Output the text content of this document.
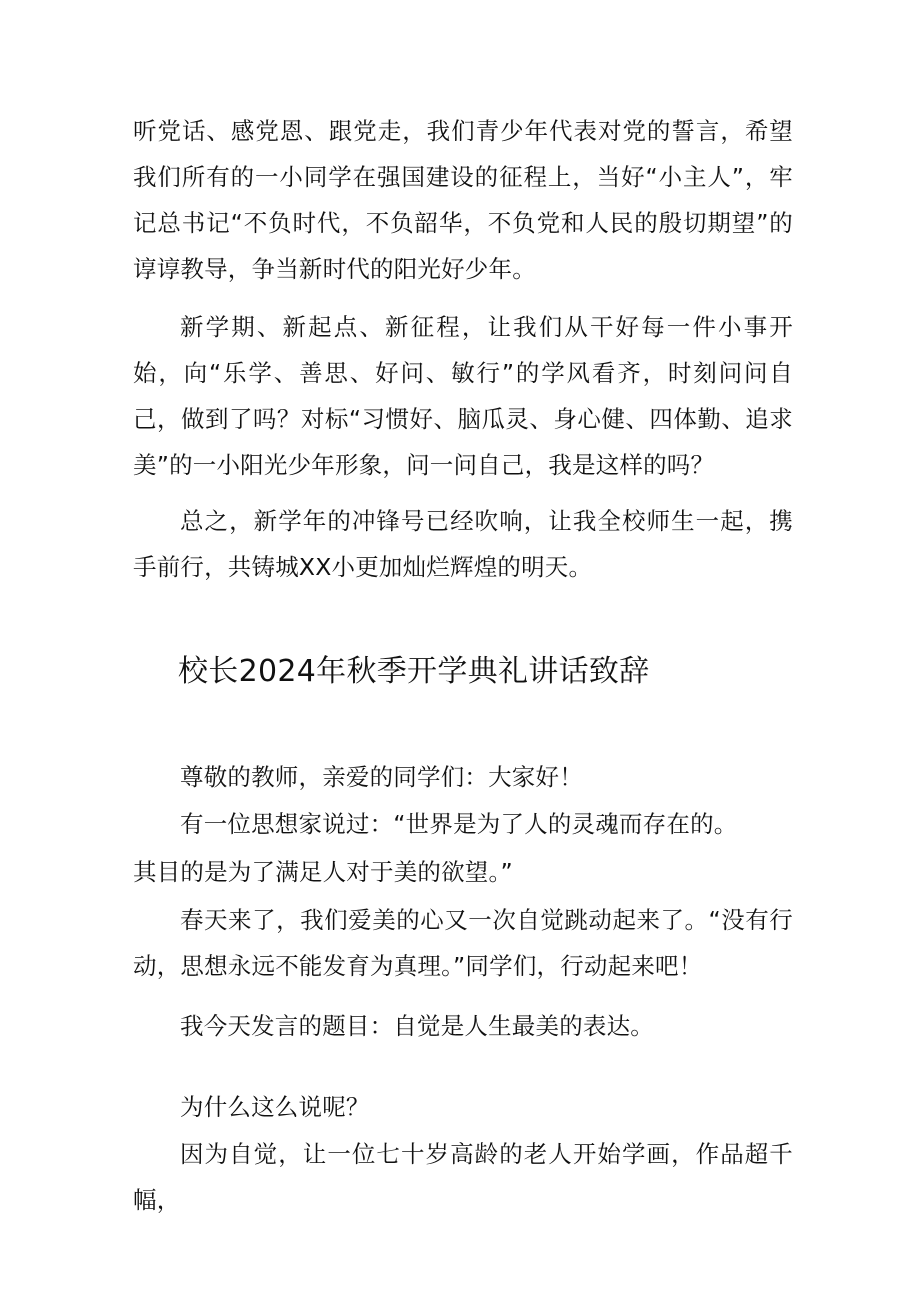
听党话、感党恩、跟党走，我们青少年代表对党的誓言，希望我们所有的一小同学在强国建设的征程上，当好“小主人”，牢记总书记“不负时代，不负韶华，不负党和人民的殷切期望”的谆谆教导，争当新时代的阳光好少年。

新学期、新起点、新征程，让我们从干好每一件小事开始，向“乐学、善思、好问、敏行”的学风看齐，时刻问问自己，做到了吗？对标“习惯好、脑瓜灵、身心健、四体勤、追求美”的一小阳光少年形象，问一问自己，我是这样的吗？

总之，新学年的冲锋号已经吹响，让我全校师生一起，携手前行，共铸城XX小更加灿烂辉煌的明天。

校长2024年秋季开学典礼讲话致辞

尊敬的教师，亲爱的同学们：大家好！

有一位思想家说过：“世界是为了人的灵魂而存在的。

其目的是为了满足人对于美的欲望。”

春天来了，我们爱美的心又一次自觉跳动起来了。“没有行动，思想永远不能发育为真理。”同学们，行动起来吧！

我今天发言的题目：自觉是人生最美的表达。

为什么这么说呢？

因为自觉，让一位七十岁高龄的老人开始学画，作品超千幅，
